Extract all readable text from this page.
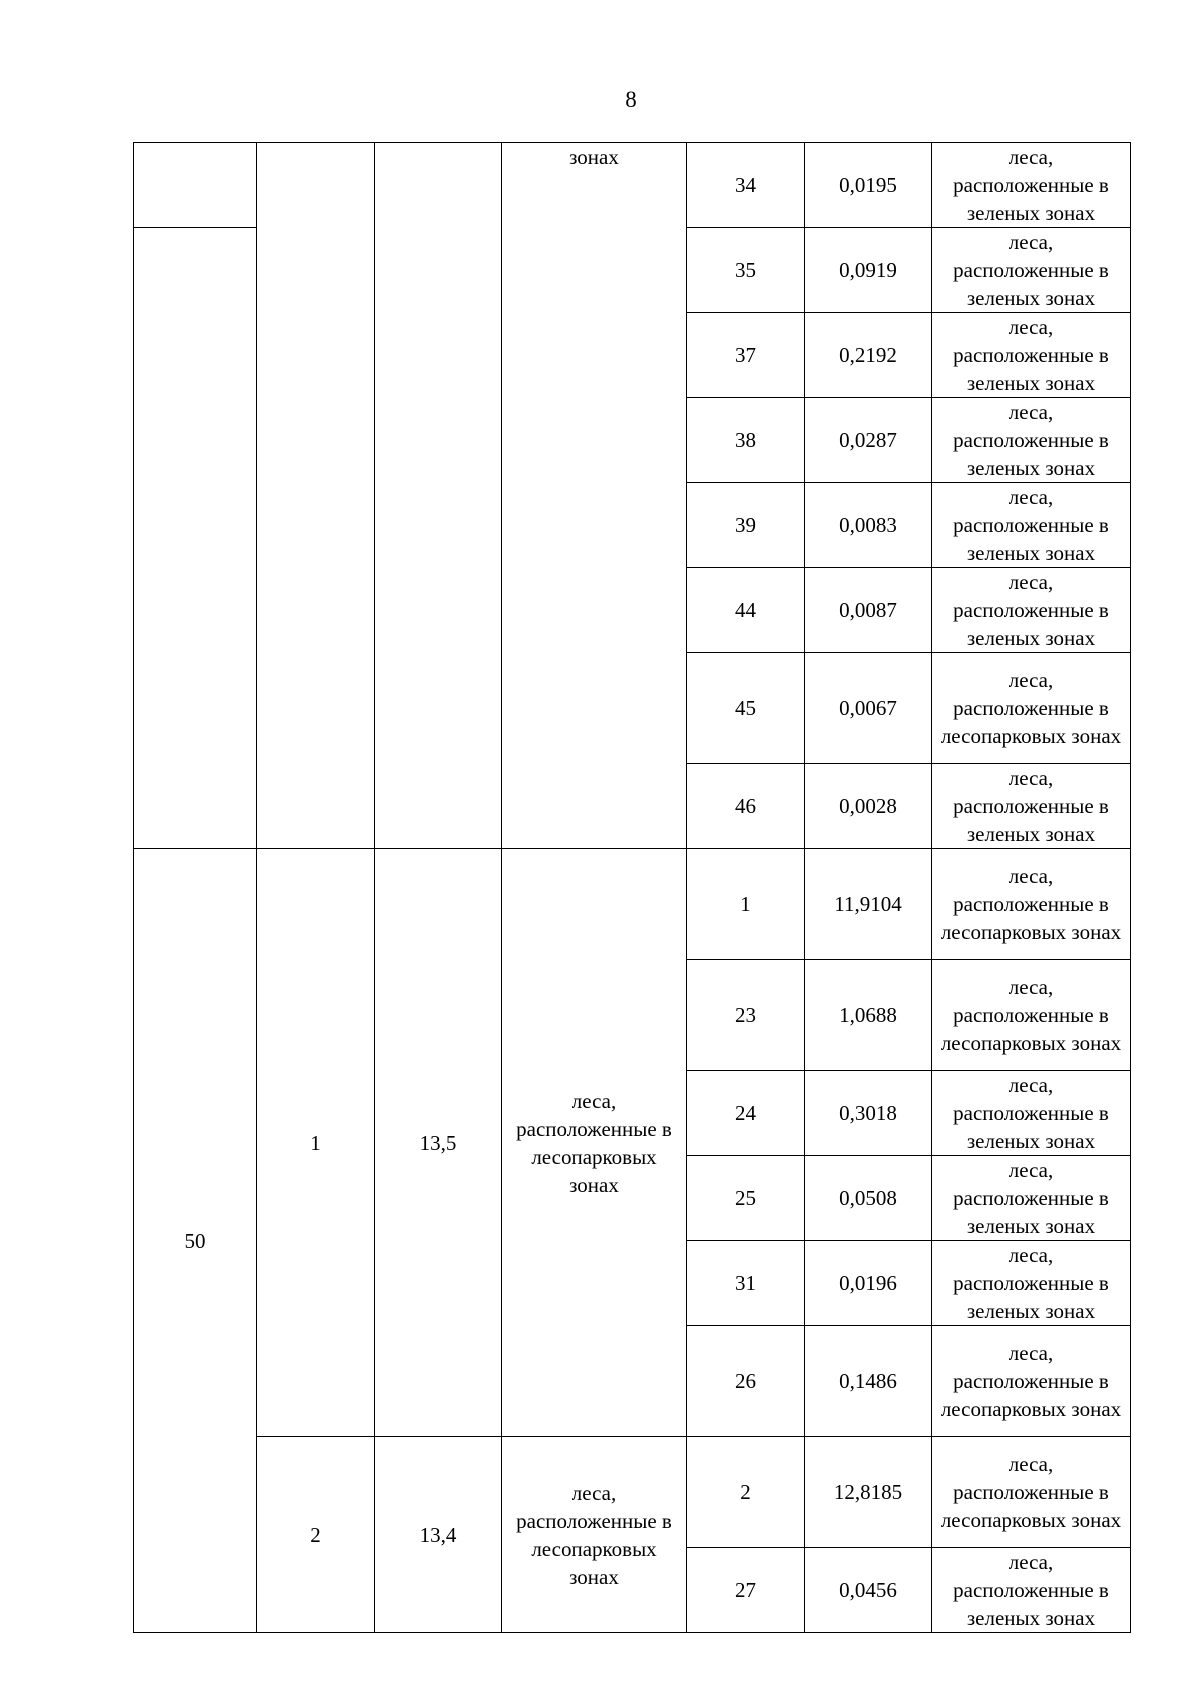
8
			зонах	34	0,0195	леса, расположенные в зеленых зонах
				35	0,0919	леса, расположенные в зеленых зонах
				37	0,2192	леса, расположенные в зеленых зонах
				38	0,0287	леса, расположенные в зеленых зонах
				39	0,0083	леса, расположенные в зеленых зонах
				44	0,0087	леса, расположенные в зеленых зонах
				45	0,0067	леса, расположенные в лесопарковых зонах
				46	0,0028	леса, расположенные в зеленых зонах
50	1	13,5	леса, расположенные в лесопарковых зонах	1	11,9104	леса, расположенные в лесопарковых зонах
				23	1,0688	леса, расположенные в лесопарковых зонах
				24	0,3018	леса, расположенные в зеленых зонах
				25	0,0508	леса, расположенные в зеленых зонах
				31	0,0196	леса, расположенные в зеленых зонах
				26	0,1486	леса, расположенные в лесопарковых зонах
	2	13,4	леса, расположенные в лесопарковых зонах	2	12,8185	леса, расположенные в лесопарковых зонах
				27	0,0456	леса, расположенные в зеленых зонах
